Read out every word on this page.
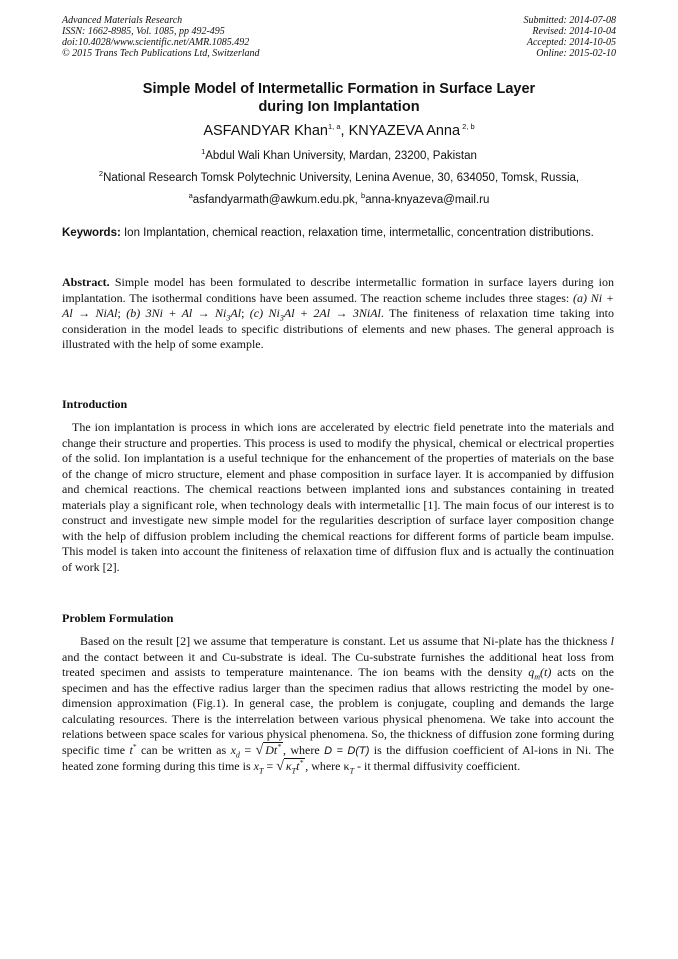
Advanced Materials Research
ISSN: 1662-8985, Vol. 1085, pp 492-495
doi:10.4028/www.scientific.net/AMR.1085.492
© 2015 Trans Tech Publications Ltd, Switzerland
Submitted: 2014-07-08
Revised: 2014-10-04
Accepted: 2014-10-05
Online: 2015-02-10
Simple Model of Intermetallic Formation in Surface Layer
during Ion Implantation
ASFANDYAR Khan$^{1, a}$, KNYAZEVA Anna $^{2, b}$
$^1$Abdul Wali Khan University, Mardan, 23200, Pakistan
$^2$National Research Tomsk Polytechnic University, Lenina Avenue, 30, 634050, Tomsk, Russia,
$^a$asfandyarmath@awkum.edu.pk, $^b$anna-knyazeva@mail.ru
Keywords: Ion Implantation, chemical reaction, relaxation time, intermetallic, concentration distributions.
Abstract. Simple model has been formulated to describe intermetallic formation in surface layers during ion implantation. The isothermal conditions have been assumed. The reaction scheme includes three stages: (a) Ni + Al → NiAl; (b) $3Ni + Al \to Ni_3Al$; (c) $Ni_3Al + 2Al$ → 3NiAl. The finiteness of relaxation time taking into consideration in the model leads to specific distributions of elements and new phases. The general approach is illustrated with the help of some example.
Introduction
The ion implantation is process in which ions are accelerated by electric field penetrate into the materials and change their structure and properties. This process is used to modify the physical, chemical or electrical properties of the solid. Ion implantation is a useful technique for the enhancement of the properties of materials on the base of the change of micro structure, element and phase composition in surface layer. It is accompanied by diffusion and chemical reactions. The chemical reactions between implanted ions and substances containing in treated materials play a significant role, when technology deals with intermetallic [1]. The main focus of our interest is to construct and investigate new simple model for the regularities description of surface layer composition change with the help of diffusion problem including the chemical reactions for different forms of particle beam impulse. This model is taken into account the finiteness of relaxation time of diffusion flux and is actually the continuation of work [2].
Problem Formulation
Based on the result [2] we assume that temperature is constant. Let us assume that Ni-plate has the thickness l and the contact between it and Cu-substrate is ideal. The Cu-substrate furnishes the additional heat loss from treated specimen and assists to temperature maintenance. The ion beams with the density $q_m(t)$ acts on the specimen and has the effective radius larger than the specimen radius that allows restricting the model by one-dimension approximation (Fig.1). In general case, the problem is conjugate, coupling and demands the large calculating resources. There is the interrelation between various physical phenomena. We take into account the relations between space scales for various physical phenomena. So, the thickness of diffusion zone forming during specific time t* can be written as $x_d$ = √ Dt* , where D = D(T) is the diffusion coefficient of Al-ions in Ni. The heated zone forming during this time is $x_T$ = √ $\kappa_Tt^*$ , where $\kappa_T$ - it thermal diffusivity coefficient.
